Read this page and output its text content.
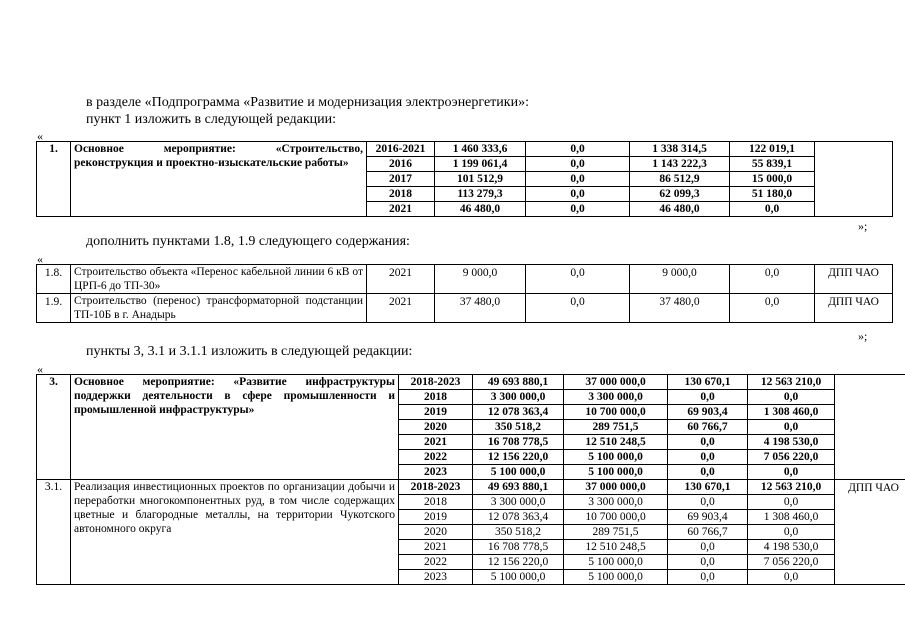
в разделе «Подпрограмма «Развитие и модернизация электроэнергетики»:
пункт 1 изложить в следующей редакции:
«
1.	Основное мероприятие: «Строительство, реконструкция и проектно-изыскательские работы»	2016-2021	1 460 333,6	0,0	1 338 314,5	122 019,1	
		2016	1 199 061,4	0,0	1 143 222,3	55 839,1	
		2017	101 512,9	0,0	86 512,9	15 000,0	
		2018	113 279,3	0,0	62 099,3	51 180,0	
		2021	46 480,0	0,0	46 480,0	0,0	
»;
дополнить пунктами 1.8, 1.9 следующего содержания:
«
1.8.	Строительство объекта «Перенос кабельной линии 6 кВ от ЦРП-6 до ТП-30»	2021	9 000,0	0,0	9 000,0	0,0	ДПП ЧАО
1.9.	Строительство (перенос) трансформаторной подстанции ТП-10Б в г. Анадырь	2021	37 480,0	0,0	37 480,0	0,0	ДПП ЧАО
»;
пункты 3, 3.1 и 3.1.1 изложить в следующей редакции:
«
3.	Основное мероприятие: «Развитие инфраструктуры поддержки деятельности в сфере промышленности и промышленной инфраструктуры»	2018-2023	49 693 880,1	37 000 000,0	130 670,1	12 563 210,0	
		2018	3 300 000,0	3 300 000,0	0,0	0,0	
		2019	12 078 363,4	10 700 000,0	69 903,4	1 308 460,0	
		2020	350 518,2	289 751,5	60 766,7	0,0	
		2021	16 708 778,5	12 510 248,5	0,0	4 198 530,0	
		2022	12 156 220,0	5 100 000,0	0,0	7 056 220,0	
		2023	5 100 000,0	5 100 000,0	0,0	0,0	
3.1.	Реализация инвестиционных проектов по организации добычи и переработки многокомпонентных руд, в том числе содержащих цветные и благородные металлы, на территории Чукотского автономного округа	2018-2023	49 693 880,1	37 000 000,0	130 670,1	12 563 210,0	ДПП ЧАО
		2018	3 300 000,0	3 300 000,0	0,0	0,0	
		2019	12 078 363,4	10 700 000,0	69 903,4	1 308 460,0	
		2020	350 518,2	289 751,5	60 766,7	0,0	
		2021	16 708 778,5	12 510 248,5	0,0	4 198 530,0	
		2022	12 156 220,0	5 100 000,0	0,0	7 056 220,0	
		2023	5 100 000,0	5 100 000,0	0,0	0,0	
